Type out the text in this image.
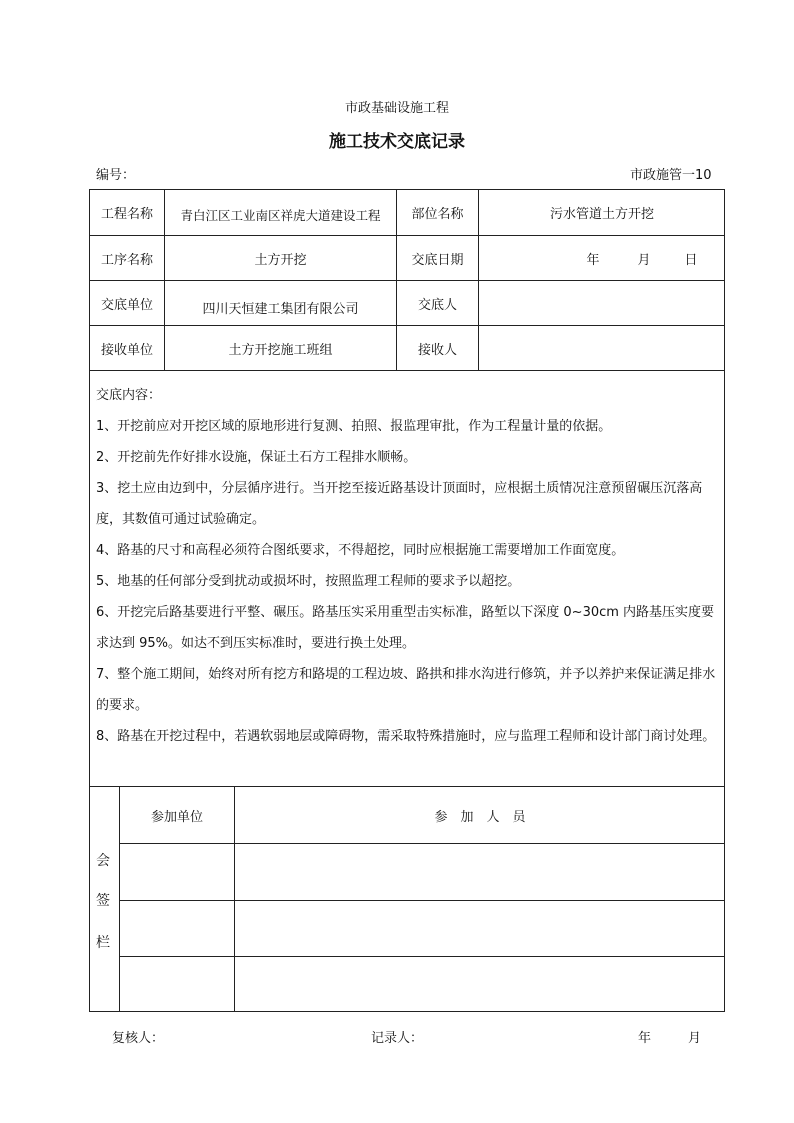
市政基础设施工程
施工技术交底记录
编号：	市政施管一10
工程名称	青白江区工业南区祥虎大道建设工程	部位名称	污水管道土方开挖
工序名称	土方开挖	交底日期	年	月	日
交底单位	四川天恒建工集团有限公司	交底人
接收单位	土方开挖施工班组	接收人

交底内容：

1、开挖前应对开挖区域的原地形进行复测、拍照、报监理审批，作为工程量计量的依据。

2、开挖前先作好排水设施，保证土石方工程排水顺畅。

3、挖土应由边到中，分层循序进行。当开挖至接近路基设计顶面时，应根据土质情况注意预留碾压沉落高度，其数值可通过试验确定。

4、路基的尺寸和高程必须符合图纸要求，不得超挖，同时应根据施工需要增加工作面宽度。

5、地基的任何部分受到扰动或损坏时，按照监理工程师的要求予以超挖。

6、开挖完后路基要进行平整、碾压。路基压实采用重型击实标准，路堑以下深度 0~30cm 内路基压实度要求达到 95%。如达不到压实标准时，要进行换土处理。

7、整个施工期间，始终对所有挖方和路堤的工程边坡、路拱和排水沟进行修筑，并予以养护来保证满足排水的要求。

8、路基在开挖过程中，若遇软弱地层或障碍物，需采取特殊措施时，应与监理工程师和设计部门商讨处理。

会
签
栏
参加单位	参　加　人　员
复核人：	记录人：	年	月
